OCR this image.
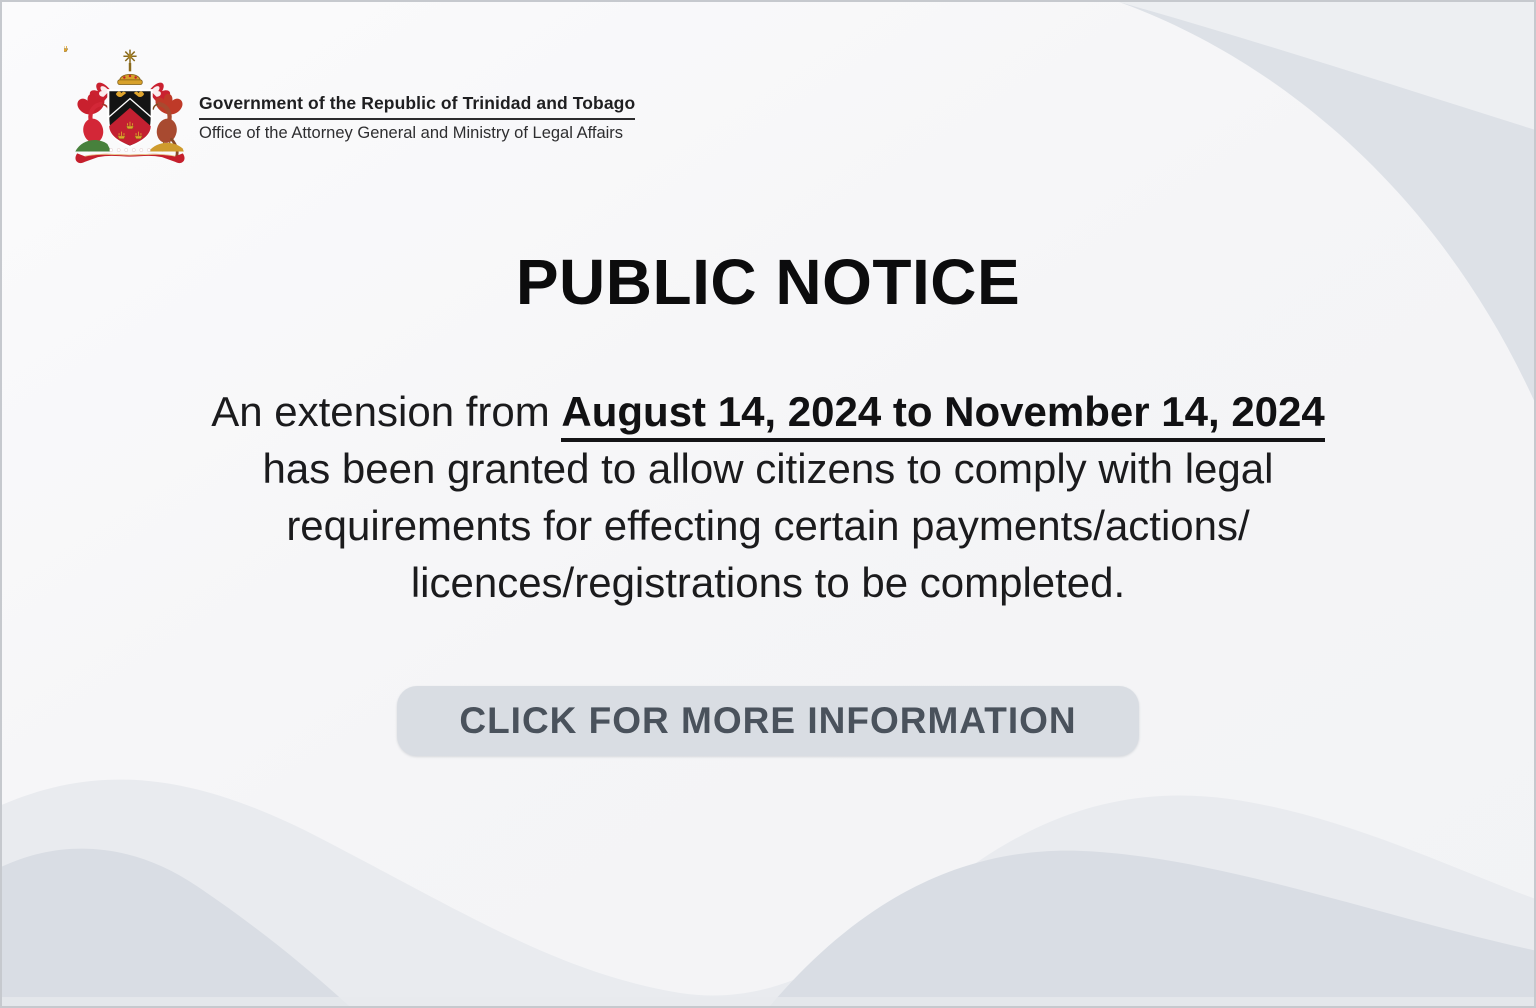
Government of the Republic of Trinidad and Tobago
Office of the Attorney General and Ministry of Legal Affairs
PUBLIC NOTICE
An extension from August 14, 2024 to November 14, 2024
has been granted to allow citizens to comply with legal
requirements for effecting certain payments/actions/
licences/registrations to be completed.
CLICK FOR MORE INFORMATION
